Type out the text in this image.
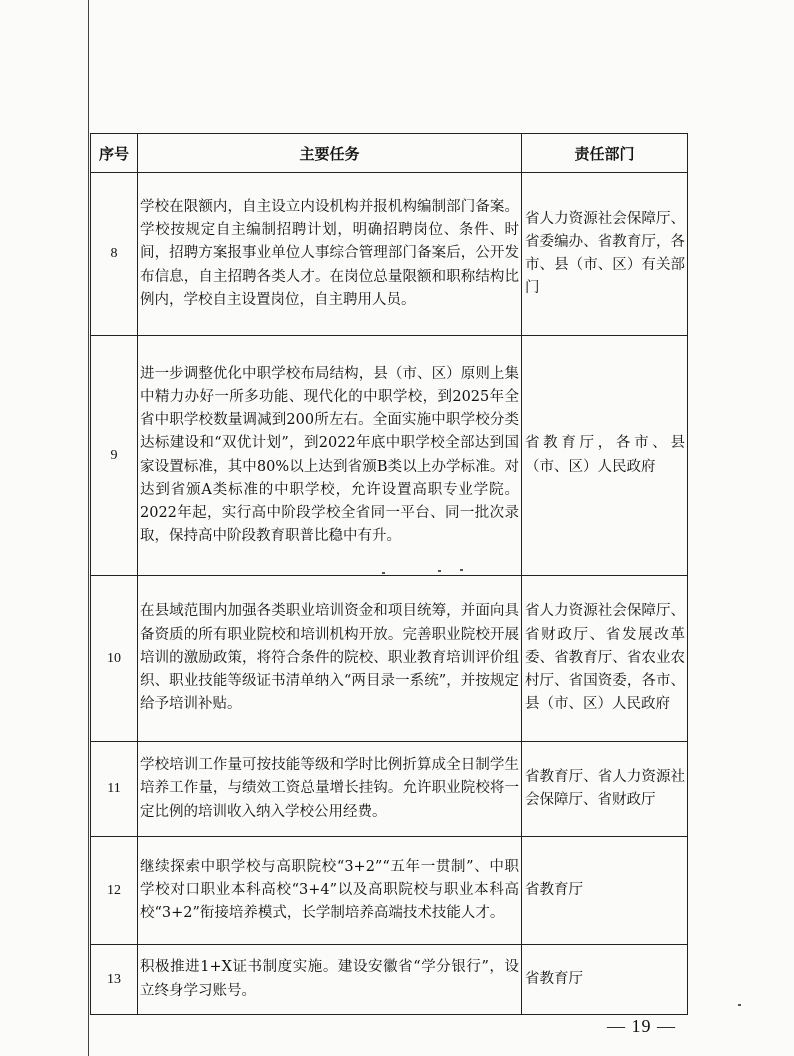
序号	主要任务	责任部门
8	学校在限额内，自主设立内设机构并报机构编制部门备案。学校按规定自主编制招聘计划，明确招聘岗位、条件、时间，招聘方案报事业单位人事综合管理部门备案后，公开发布信息，自主招聘各类人才。在岗位总量限额和职称结构比例内，学校自主设置岗位，自主聘用人员。	省人力资源社会保障厅、省委编办、省教育厅，各市、县（市、区）有关部门
9	进一步调整优化中职学校布局结构，县（市、区）原则上集中精力办好一所多功能、现代化的中职学校，到2025年全省中职学校数量调减到200所左右。全面实施中职学校分类达标建设和“双优计划”，到2022年底中职学校全部达到国家设置标准，其中80%以上达到省颁B类以上办学标准。对达到省颁A类标准的中职学校，允许设置高职专业学院。2022年起，实行高中阶段学校全省同一平台、同一批次录取，保持高中阶段教育职普比稳中有升。	省教育厅，各市、县（市、区）人民政府
10	在县域范围内加强各类职业培训资金和项目统筹，并面向具备资质的所有职业院校和培训机构开放。完善职业院校开展培训的激励政策，将符合条件的院校、职业教育培训评价组织、职业技能等级证书清单纳入“两目录一系统”，并按规定给予培训补贴。	省人力资源社会保障厅、省财政厅、省发展改革委、省教育厅、省农业农村厅、省国资委，各市、县（市、区）人民政府
11	学校培训工作量可按技能等级和学时比例折算成全日制学生培养工作量，与绩效工资总量增长挂钩。允许职业院校将一定比例的培训收入纳入学校公用经费。	省教育厅、省人力资源社会保障厅、省财政厅
12	继续探索中职学校与高职院校“3+2”“五年一贯制”、中职学校对口职业本科高校“3+4”以及高职院校与职业本科高校“3+2”衔接培养模式，长学制培养高端技术技能人才。	省教育厅
13	积极推进1+X证书制度实施。建设安徽省“学分银行”，设立终身学习账号。	省教育厅
— 19 —
